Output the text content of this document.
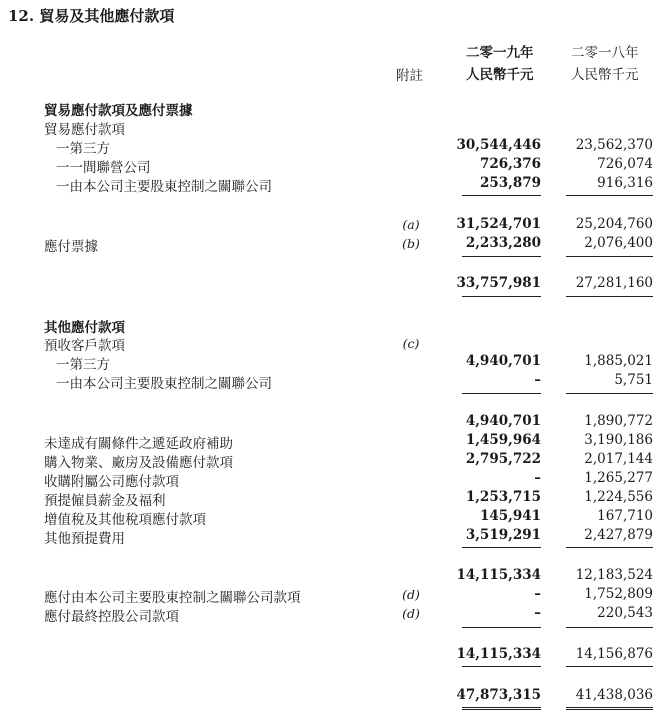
12. 貿易及其他應付款項
附註
二零一九年
人民幣千元
二零一八年
人民幣千元
貿易應付款項及應付票據
貿易應付款項
一第三方	30,544,446	23,562,370
一一間聯營公司	726,376	726,074
一由本公司主要股東控制之關聯公司	253,879	916,316
(a)	31,524,701	25,204,760
應付票據	(b)	2,233,280	2,076,400
33,757,981	27,281,160
其他應付款項
預收客戶款項	(c)
一第三方	4,940,701	1,885,021
一由本公司主要股東控制之關聯公司	–	5,751
4,940,701	1,890,772
未達成有關條件之遞延政府補助	1,459,964	3,190,186
購入物業、廠房及設備應付款項	2,795,722	2,017,144
收購附屬公司應付款項	–	1,265,277
預提僱員薪金及福利	1,253,715	1,224,556
增值稅及其他稅項應付款項	145,941	167,710
其他預提費用	3,519,291	2,427,879
14,115,334	12,183,524
應付由本公司主要股東控制之關聯公司款項	(d)	–	1,752,809
應付最終控股公司款項	(d)	–	220,543
14,115,334	14,156,876
47,873,315	41,438,036
